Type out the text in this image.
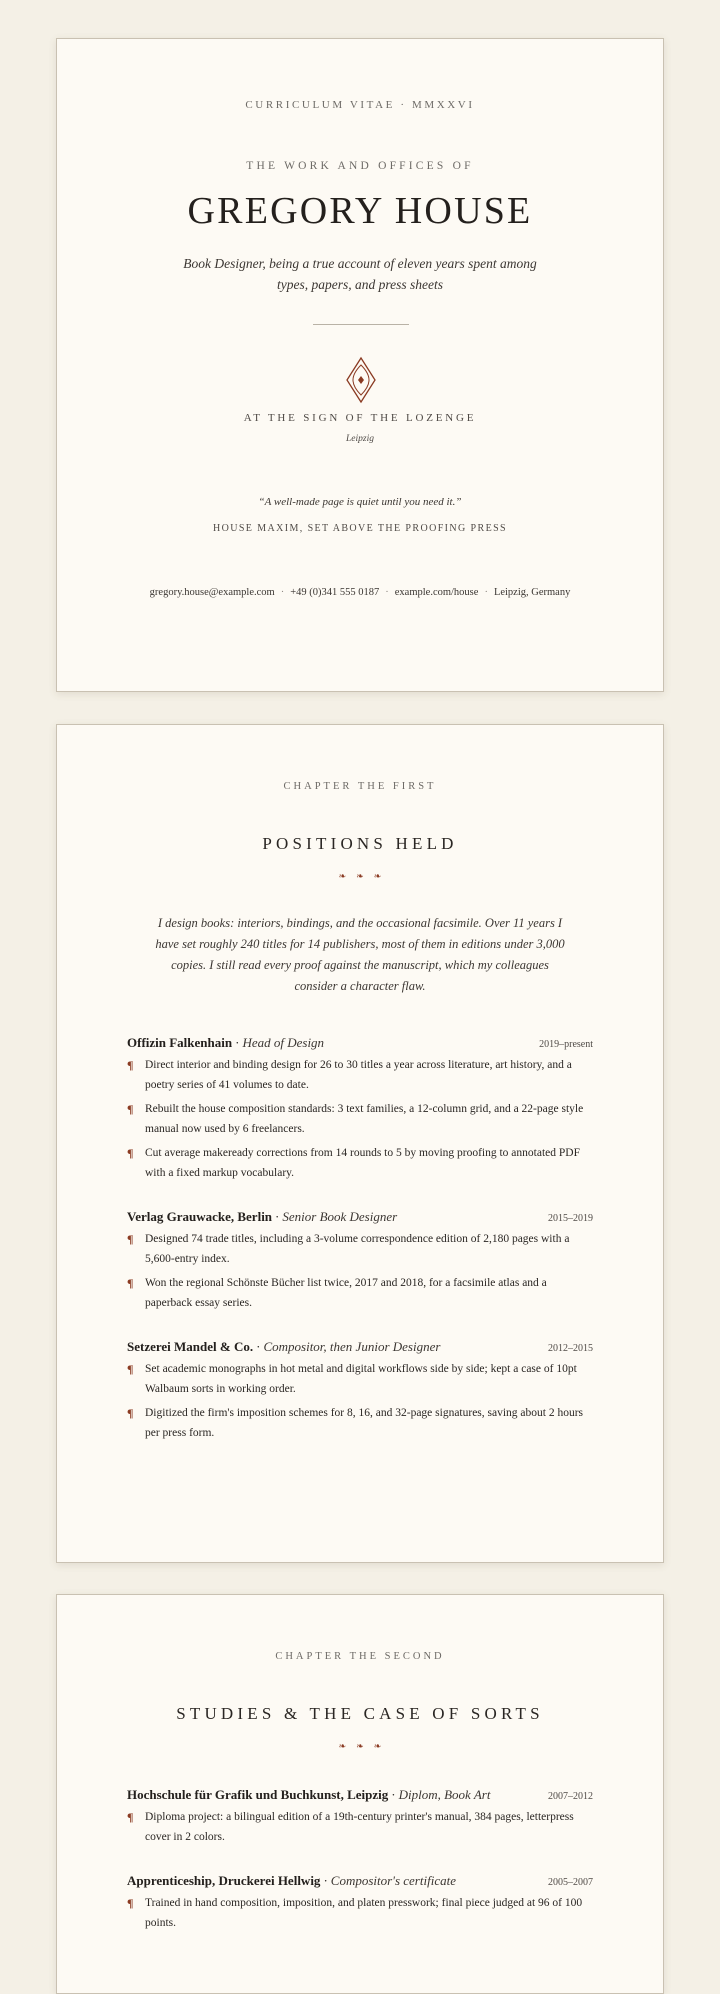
CURRICULUM VITAE · MMXXVI
THE WORK AND OFFICES OF
GREGORY HOUSE
Book Designer, being a true account of eleven years spent among types, papers, and press sheets
AT THE SIGN OF THE LOZENGE
Leipzig
“A well-made page is quiet until you need it.”
HOUSE MAXIM, SET ABOVE THE PROOFING PRESS
gregory.house@example.com · +49 (0)341 555 0187 · example.com/house · Leipzig, Germany
CHAPTER THE FIRST
POSITIONS HELD
❧ ❧ ❧
I design books: interiors, bindings, and the occasional facsimile. Over 11 years I have set roughly 240 titles for 14 publishers, most of them in editions under 3,000 copies. I still read every proof against the manuscript, which my colleagues consider a character flaw.
Offizin Falkenhain · Head of Design	2019–present
¶ Direct interior and binding design for 26 to 30 titles a year across literature, art history, and a poetry series of 41 volumes to date.
¶ Rebuilt the house composition standards: 3 text families, a 12-column grid, and a 22-page style manual now used by 6 freelancers.
¶ Cut average makeready corrections from 14 rounds to 5 by moving proofing to annotated PDF with a fixed markup vocabulary.
Verlag Grauwacke, Berlin · Senior Book Designer	2015–2019
¶ Designed 74 trade titles, including a 3-volume correspondence edition of 2,180 pages with a 5,600-entry index.
¶ Won the regional Schönste Bücher list twice, 2017 and 2018, for a facsimile atlas and a paperback essay series.
Setzerei Mandel & Co. · Compositor, then Junior Designer	2012–2015
¶ Set academic monographs in hot metal and digital workflows side by side; kept a case of 10pt Walbaum sorts in working order.
¶ Digitized the firm's imposition schemes for 8, 16, and 32-page signatures, saving about 2 hours per press form.
CHAPTER THE SECOND
STUDIES & THE CASE OF SORTS
❧ ❧ ❧
Hochschule für Grafik und Buchkunst, Leipzig · Diplom, Book Art	2007–2012
¶ Diploma project: a bilingual edition of a 19th-century printer's manual, 384 pages, letterpress cover in 2 colors.
Apprenticeship, Druckerei Hellwig · Compositor's certificate	2005–2007
¶ Trained in hand composition, imposition, and platen presswork; final piece judged at 96 of 100 points.
